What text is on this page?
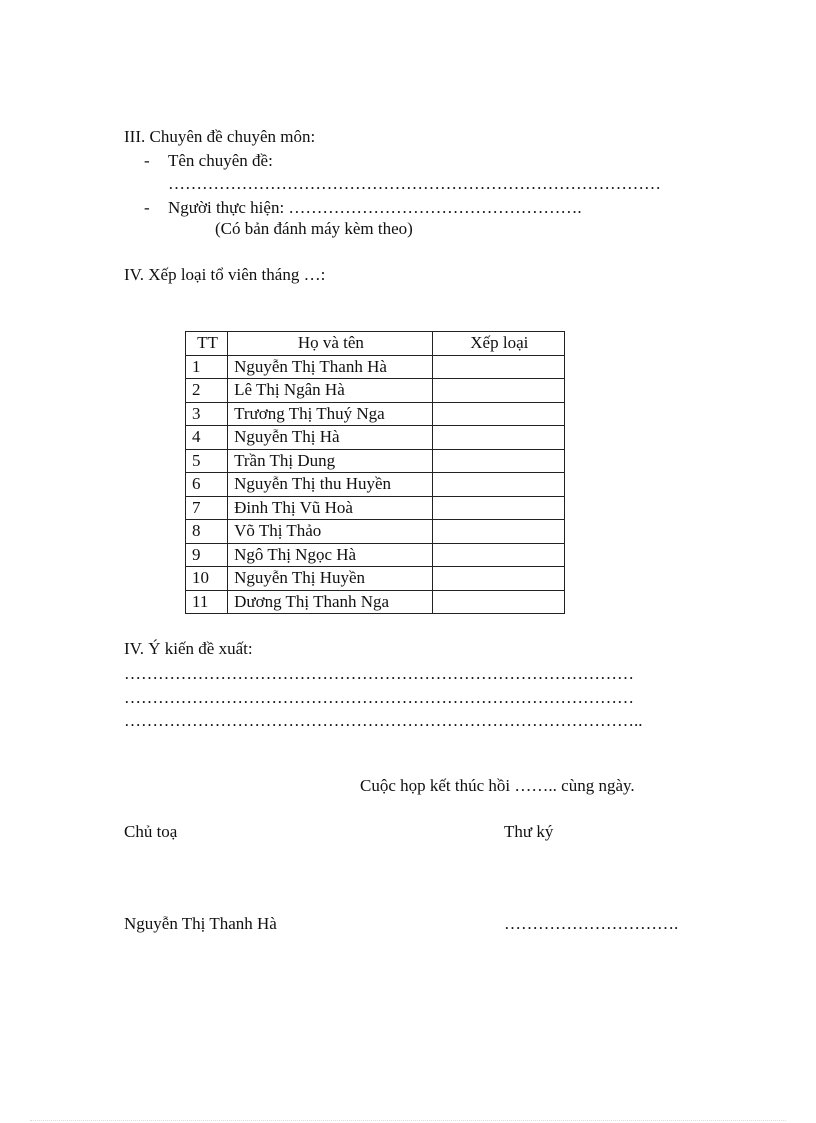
III. Chuyên đề chuyên môn:
- Tên chuyên đề:
……………………………………………………………………………
- Người thực hiện: …………………………………………….
(Có bản đánh máy kèm theo)
IV. Xếp loại tổ viên tháng …:
TT	Họ và tên	Xếp loại
1	Nguyễn Thị Thanh Hà	
2	Lê Thị Ngân Hà	
3	Trương Thị Thuý Nga	
4	Nguyễn Thị Hà	
5	Trần Thị Dung	
6	Nguyễn Thị thu Huyền	
7	Đinh Thị Vũ Hoà	
8	Võ Thị Thảo	
9	Ngô Thị Ngọc Hà	
10	Nguyễn Thị Huyền	
11	Dương Thị Thanh Nga	
IV. Ý kiến đề xuất:
………………………………………………………………………………
………………………………………………………………………………
………………………………………………………………………………..
Cuộc họp kết thúc hồi …….. cùng ngày.
Chủ toạ	Thư ký
Nguyễn Thị Thanh Hà	………………………….
